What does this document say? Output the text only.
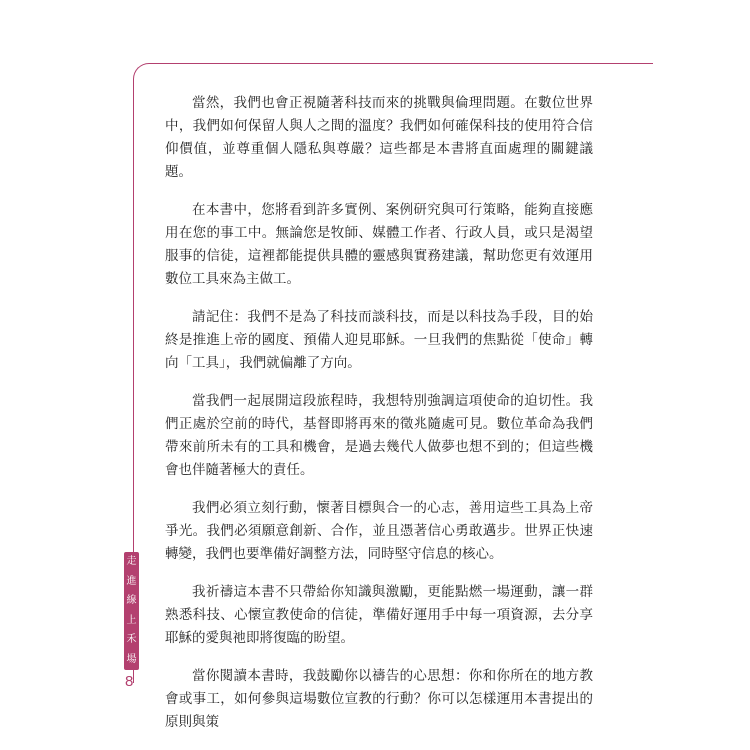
當然，我們也會正視隨著科技而來的挑戰與倫理問題。在數位世界中，我們如何保留人與人之間的溫度？我們如何確保科技的使用符合信仰價值，並尊重個人隱私與尊嚴？這些都是本書將直面處理的關鍵議題。

在本書中，您將看到許多實例、案例研究與可行策略，能夠直接應用在您的事工中。無論您是牧師、媒體工作者、行政人員，或只是渴望服事的信徒，這裡都能提供具體的靈感與實務建議，幫助您更有效運用數位工具來為主做工。

請記住：我們不是為了科技而談科技，而是以科技為手段，目的始終是推進上帝的國度、預備人迎見耶穌。一旦我們的焦點從「使命」轉向「工具」，我們就偏離了方向。

當我們一起展開這段旅程時，我想特別強調這項使命的迫切性。我們正處於空前的時代，基督即將再來的徵兆隨處可見。數位革命為我們帶來前所未有的工具和機會，是過去幾代人做夢也想不到的；但這些機會也伴隨著極大的責任。

我們必須立刻行動，懷著目標與合一的心志，善用這些工具為上帝爭光。我們必須願意創新、合作，並且憑著信心勇敢邁步。世界正快速轉變，我們也要準備好調整方法，同時堅守信息的核心。

我祈禱這本書不只帶給你知識與激勵，更能點燃一場運動，讓一群熟悉科技、心懷宣教使命的信徒，準備好運用手中每一項資源，去分享耶穌的愛與祂即將復臨的盼望。

當你閱讀本書時，我鼓勵你以禱告的心思想：你和你所在的地方教會或事工，如何參與這場數位宣教的行動？你可以怎樣運用本書提出的原則與策

走
進
線
上
禾
場
8
